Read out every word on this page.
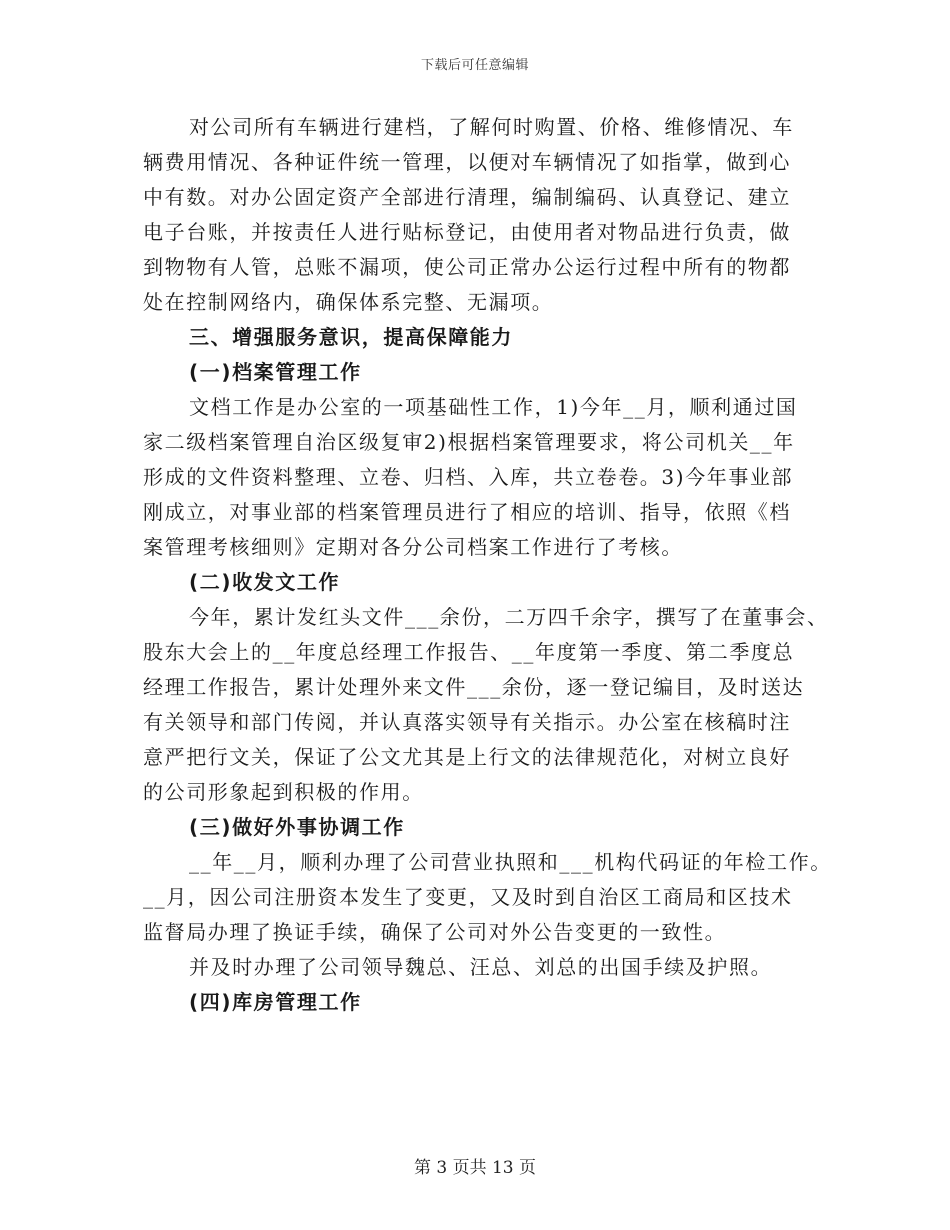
下载后可任意编辑
对公司所有车辆进行建档，了解何时购置、价格、维修情况、车
辆费用情况、各种证件统一管理，以便对车辆情况了如指掌，做到心
中有数。对办公固定资产全部进行清理，编制编码、认真登记、建立
电子台账，并按责任人进行贴标登记，由使用者对物品进行负责，做
到物物有人管，总账不漏项，使公司正常办公运行过程中所有的物都
处在控制网络内，确保体系完整、无漏项。
三、增强服务意识，提高保障能力
(一)档案管理工作
文档工作是办公室的一项基础性工作，1)今年__月，顺利通过国
家二级档案管理自治区级复审2)根据档案管理要求，将公司机关__年
形成的文件资料整理、立卷、归档、入库，共立卷卷。3)今年事业部
刚成立，对事业部的档案管理员进行了相应的培训、指导，依照《档
案管理考核细则》定期对各分公司档案工作进行了考核。
(二)收发文工作
今年，累计发红头文件___余份，二万四千余字，撰写了在董事会、
股东大会上的__年度总经理工作报告、__年度第一季度、第二季度总
经理工作报告，累计处理外来文件___余份，逐一登记编目，及时送达
有关领导和部门传阅，并认真落实领导有关指示。办公室在核稿时注
意严把行文关，保证了公文尤其是上行文的法律规范化，对树立良好
的公司形象起到积极的作用。
(三)做好外事协调工作
__年__月，顺利办理了公司营业执照和___机构代码证的年检工作。
__月，因公司注册资本发生了变更，又及时到自治区工商局和区技术
监督局办理了换证手续，确保了公司对外公告变更的一致性。
并及时办理了公司领导魏总、汪总、刘总的出国手续及护照。
(四)库房管理工作
第 3 页共 13 页
